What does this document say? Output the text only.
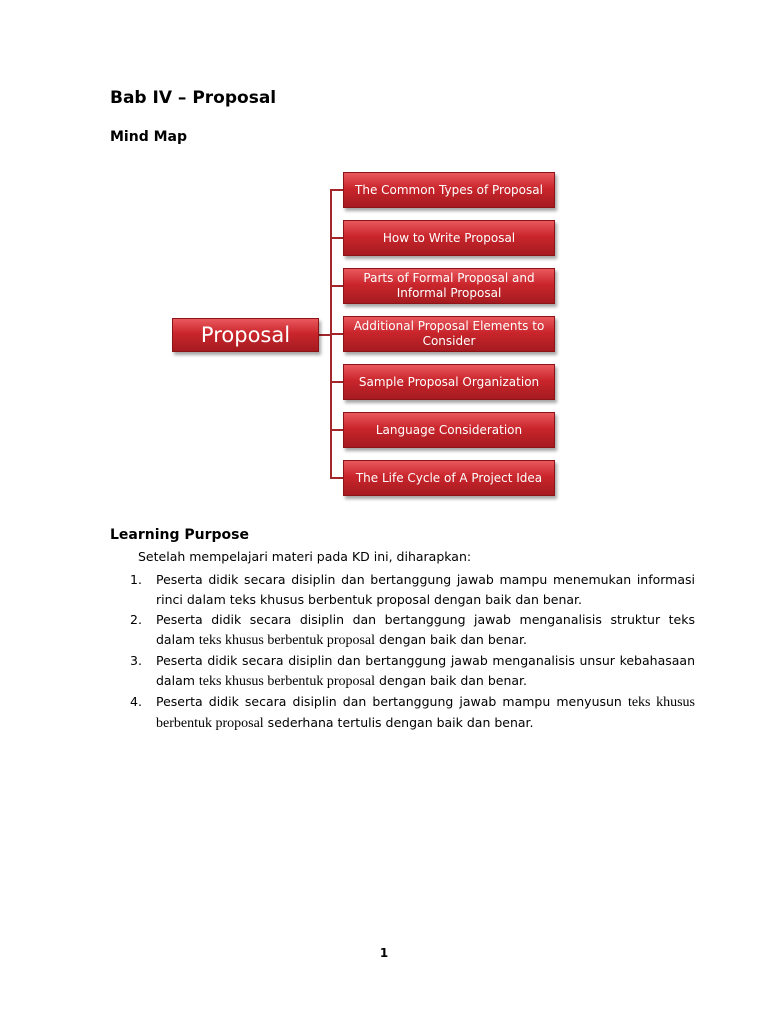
Bab IV – Proposal
Mind Map
Proposal
The Common Types of Proposal
How to Write Proposal
Parts of Formal Proposal and Informal Proposal
Additional Proposal Elements to Consider
Sample Proposal Organization
Language Consideration
The Life Cycle of A Project Idea
Learning Purpose

Setelah mempelajari materi pada KD ini, diharapkan:

1. Peserta didik secara disiplin dan bertanggung jawab mampu menemukan informasi rinci dalam teks khusus berbentuk proposal dengan baik dan benar.
2. Peserta didik secara disiplin dan bertanggung jawab menganalisis struktur teks dalam teks khusus berbentuk proposal dengan baik dan benar.
3. Peserta didik secara disiplin dan bertanggung jawab menganalisis unsur kebahasaan dalam teks khusus berbentuk proposal dengan baik dan benar.
4. Peserta didik secara disiplin dan bertanggung jawab mampu menyusun teks khusus berbentuk proposal sederhana tertulis dengan baik dan benar.

1
